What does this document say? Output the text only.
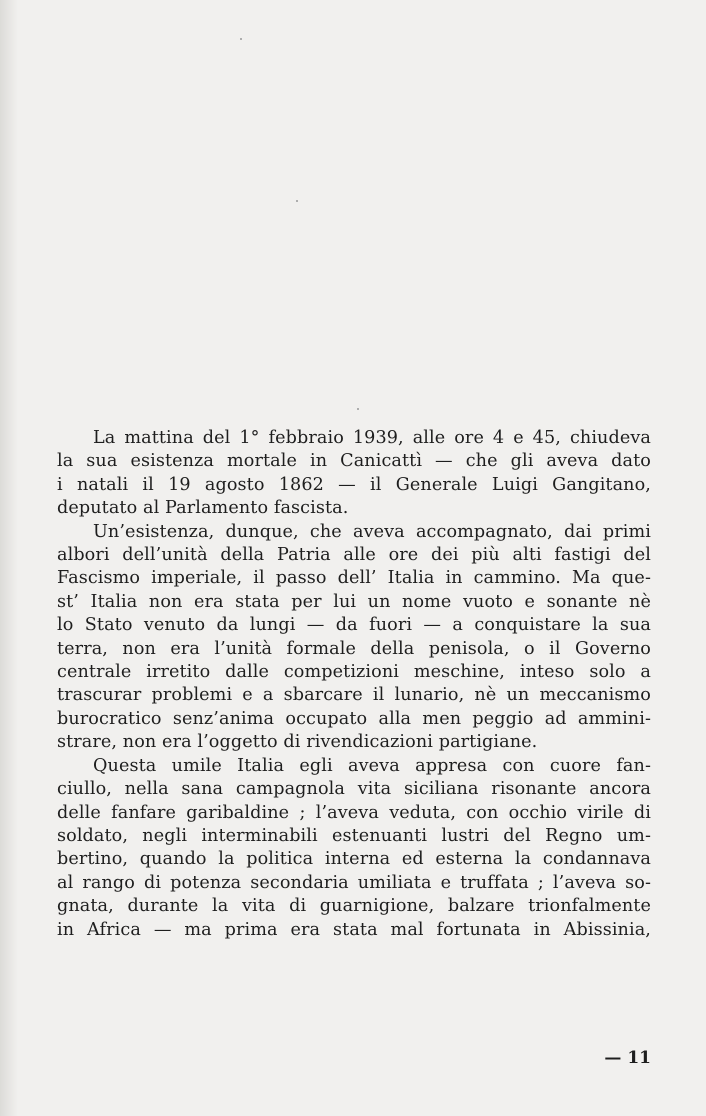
La mattina del 1° febbraio 1939, alle ore 4 e 45, chiudeva
la sua esistenza mortale in Canicattì — che gli aveva dato
i natali il 19 agosto 1862 — il Generale Luigi Gangitano,
deputato al Parlamento fascista.
Un’esistenza, dunque, che aveva accompagnato, dai primi
albori dell’unità della Patria alle ore dei più alti fastigi del
Fascismo imperiale, il passo dell’ Italia in cammino. Ma que-
st’ Italia non era stata per lui un nome vuoto e sonante nè
lo Stato venuto da lungi — da fuori — a conquistare la sua
terra, non era l’unità formale della penisola, o il Governo
centrale irretito dalle competizioni meschine, inteso solo a
trascurar problemi e a sbarcare il lunario, nè un meccanismo
burocratico senz’anima occupato alla men peggio ad ammini-
strare, non era l’oggetto di rivendicazioni partigiane.
Questa umile Italia egli aveva appresa con cuore fan-
ciullo, nella sana campagnola vita siciliana risonante ancora
delle fanfare garibaldine ; l’aveva veduta, con occhio virile di
soldato, negli interminabili estenuanti lustri del Regno um-
bertino, quando la politica interna ed esterna la condannava
al rango di potenza secondaria umiliata e truffata ; l’aveva so-
gnata, durante la vita di guarnigione, balzare trionfalmente
in Africa — ma prima era stata mal fortunata in Abissinia,
— 11
